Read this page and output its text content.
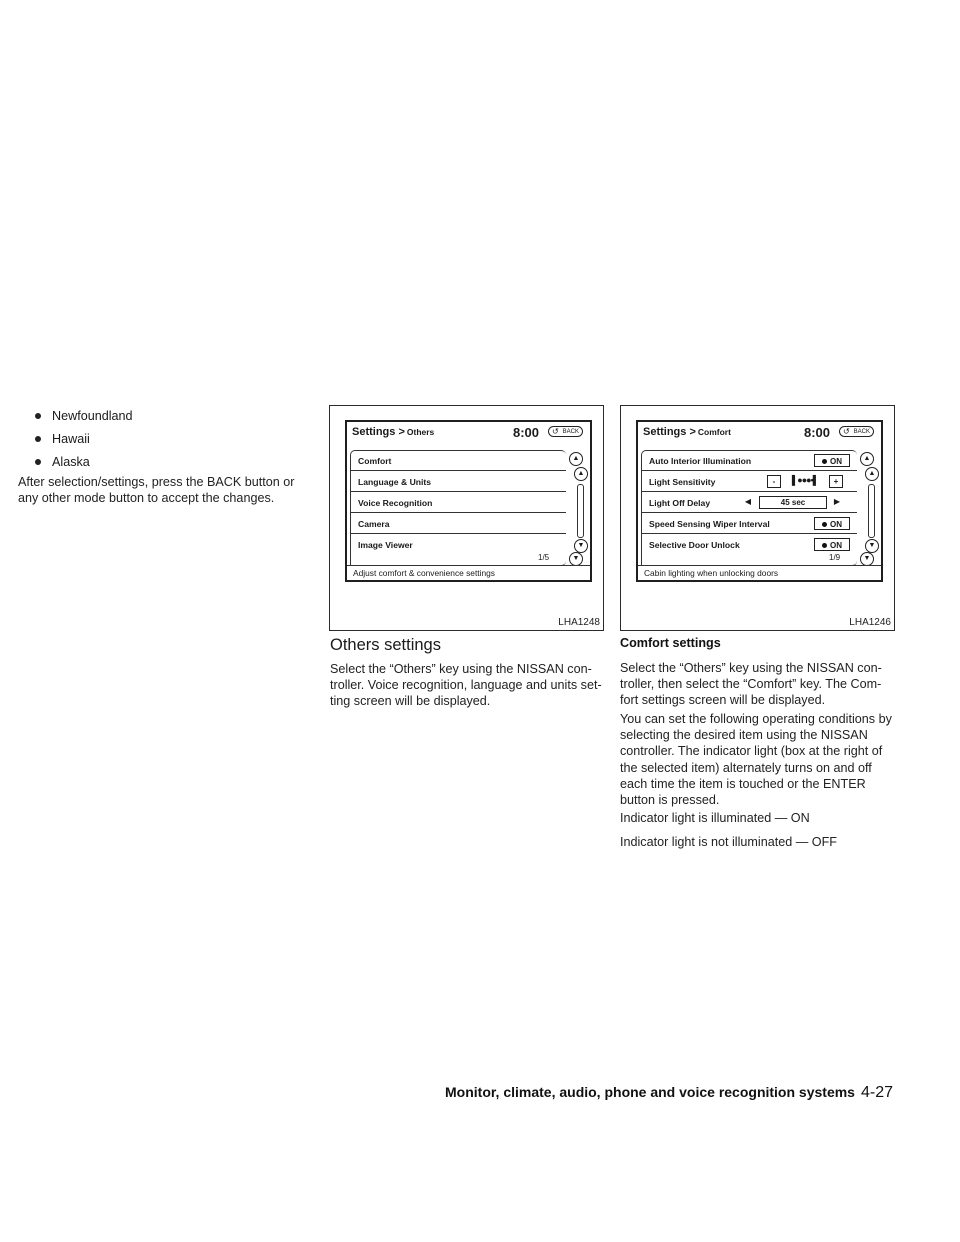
Newfoundland
Hawaii
Alaska
After selection/settings, press the BACK button or any other mode button to accept the changes.
Settings > Others	8:00 ↺ BACK
Comfort
Language & Units
Voice Recognition
Camera
Image Viewer
▲
▲
▼
▼
1/5
Adjust comfort & convenience settings
LHA1248
Settings > Comfort	8:00 ↺ BACK
Auto Interior Illumination	ON
Light Sensitivity	-	▌●●●•▌	+
Light Off Delay	◀	45 sec	▶
Speed Sensing Wiper Interval	ON
Selective Door Unlock	ON
▲
▲
▼
▼
1/9
Cabin lighting when unlocking doors
LHA1246
Others settings
Select the “Others” key using the NISSAN con- troller. Voice recognition, language and units set- ting screen will be displayed.
Comfort settings
Select the “Others” key using the NISSAN con- troller, then select the “Comfort” key. The Com- fort settings screen will be displayed.
You can set the following operating conditions by selecting the desired item using the NISSAN controller. The indicator light (box at the right of the selected item) alternately turns on and off each time the item is touched or the ENTER button is pressed.
Indicator light is illuminated — ON
Indicator light is not illuminated — OFF
Monitor, climate, audio, phone and voice recognition systems 4-27
